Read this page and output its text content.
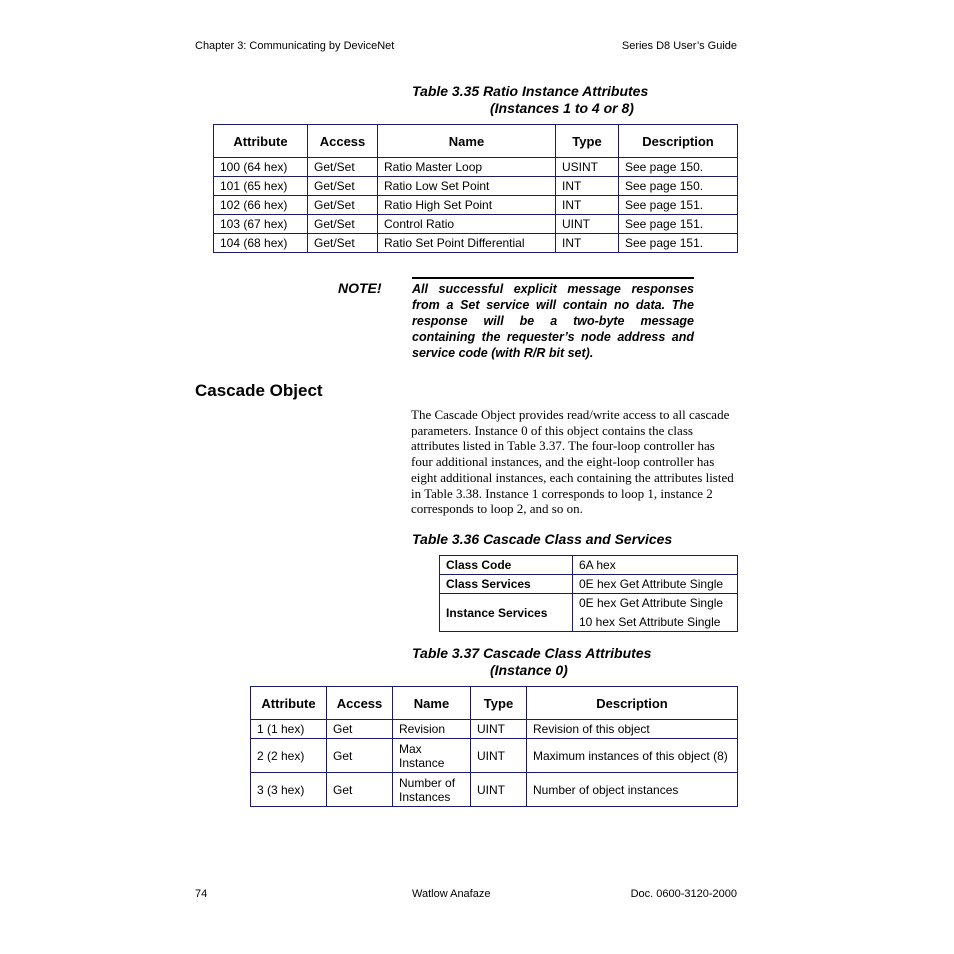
Chapter 3: Communicating by DeviceNet	Series D8 User’s Guide
Table 3.35 Ratio Instance Attributes
(Instances 1 to 4 or 8)
Attribute	Access	Name	Type	Description
100 (64 hex)	Get/Set	Ratio Master Loop	USINT	See page 150.
101 (65 hex)	Get/Set	Ratio Low Set Point	INT	See page 150.
102 (66 hex)	Get/Set	Ratio High Set Point	INT	See page 151.
103 (67 hex)	Get/Set	Control Ratio	UINT	See page 151.
104 (68 hex)	Get/Set	Ratio Set Point Differential	INT	See page 151.
NOTE! All successful explicit message responses from a Set service will contain no data. The response will be a two-byte message containing the requester’s node address and service code (with R/R bit set).
Cascade Object
The Cascade Object provides read/write access to all cascade parameters. Instance 0 of this object contains the class attributes listed in Table 3.37. The four-loop controller has four additional instances, and the eight-loop controller has eight additional instances, each containing the attributes listed in Table 3.38. Instance 1 corresponds to loop 1, instance 2 corresponds to loop 2, and so on.
Table 3.36 Cascade Class and Services
Class Code	6A hex
Class Services	0E hex Get Attribute Single
Instance Services	0E hex Get Attribute Single
	10 hex Set Attribute Single
Table 3.37 Cascade Class Attributes
(Instance 0)
Attribute	Access	Name	Type	Description
1 (1 hex)	Get	Revision	UINT	Revision of this object
2 (2 hex)	Get	Max Instance	UINT	Maximum instances of this object (8)
3 (3 hex)	Get	Number of Instances	UINT	Number of object instances
74	Watlow Anafaze	Doc. 0600-3120-2000
